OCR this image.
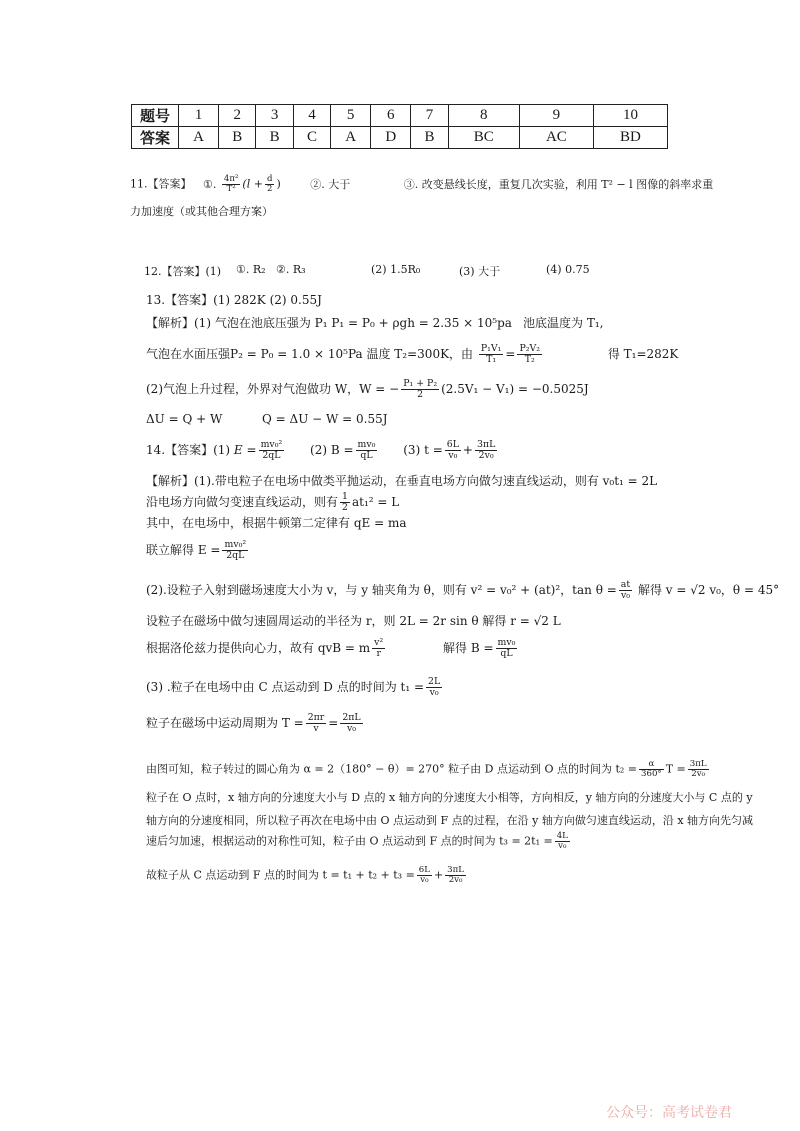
题号	1	2	3	4	5	6	7	8	9	10
答案	A	B	B	C	A	D	B	BC	AC	BD
11.【答案】 ①. $\frac{\text{4π²}}{\text{T²}} (l + \frac{d}{2}$ )	②. 大于	③. 改变悬线长度，重复几次实验，利用 T² − l 图像的斜率求重
力加速度（或其他合理方案）
12.【答案】(1) ①. R₂ ②. R₃	(2) 1.5R₀	(3) 大于	(4) 0.75
13.【答案】(1) 282K (2) 0.55J
【解析】(1) 气泡在池底压强为 P₁ P₁ = P₀ + ρgh = 2.35 × 10⁵pa 池底温度为 T₁,
气泡在水面压强P₂ = P₀ = 1.0 × 10⁵Pa 温度 T₂=300K，由 $\frac{\text{P₁V₁}}{\text{T₁}} = \frac{\text{P₂V₂}}{\text{T₂}}$	得 T₁=282K
(2)气泡上升过程，外界对气泡做功 W，W = − $\frac{\text{P₁ + P₂}}{2} (2.5V_1 - V_1) = -0.5025J$
ΔU = Q + W	Q = ΔU − W = 0.55J
14.【答案】(1) $E = \frac{\text{mv₀²}}{2qL} (2) B = \frac{\text{mv₀}}{qL} (3) t = \frac{6L}{\text{v₀}} + \frac{3\pi L}{\text{2v₀}}$
【解析】(1).带电粒子在电场中做类平抛运动，在垂直电场方向做匀速直线运动，则有 v₀t₁ = 2L
沿电场方向做匀变速直线运动，则有 $\frac{1}{2} at_1^2 = L$
其中，在电场中，根据牛顿第二定律有 qE = ma
联立解得 $E = \frac{\text{mv₀²}}{2qL}$
(2).设粒子入射到磁场速度大小为 v，与 y 轴夹角为 θ，则有 v² = v₀² + (at)²，$\tan \theta = \frac{at}{\text{v₀}}$ 解得 v = √2 v₀，θ = 45°
设粒子在磁场中做匀速圆周运动的半径为 r，则 2L = 2r sin θ 解得 r = √2 L
根据洛伦兹力提供向心力，故有 qvB = m $\frac{\text{v²}}{r}$	解得 $B = \frac{\text{mv₀}}{qL}$
(3) .粒子在电场中由 C 点运动到 D 点的时间为 $t_1 = \frac{2L}{\text{v₀}}$
粒子在磁场中运动周期为 $T = \frac{2\pi r}{v} = \frac{2\pi L}{\text{v₀}}$
由图可知，粒子转过的圆心角为 α = 2（180° − θ）= 270° 粒子由 D 点运动到 O 点的时间为 $t_2 = \frac{\alpha}{360^\circ}$ $T = \frac{3\pi L}{\text{2v₀}}$
粒子在 O 点时，x 轴方向的分速度大小与 D 点的 x 轴方向的分速度大小相等，方向相反，y 轴方向的分速度大小与 C 点的 y
轴方向的分速度相同，所以粒子再次在电场中由 O 点运动到 F 点的过程，在沿 y 轴方向做匀速直线运动，沿 x 轴方向先匀减
速后匀加速，根据运动的对称性可知，粒子由 O 点运动到 F 点的时间为 $t_3 = 2t_1 = \frac{4L}{\text{v₀}}$
故粒子从 C 点运动到 F 点的时间为 $t = t_1 + t_2 + t_3 = \frac{6L}{\text{v₀}} + \frac{3\pi L}{\text{2v₀}}$
公众号：高考试卷君
